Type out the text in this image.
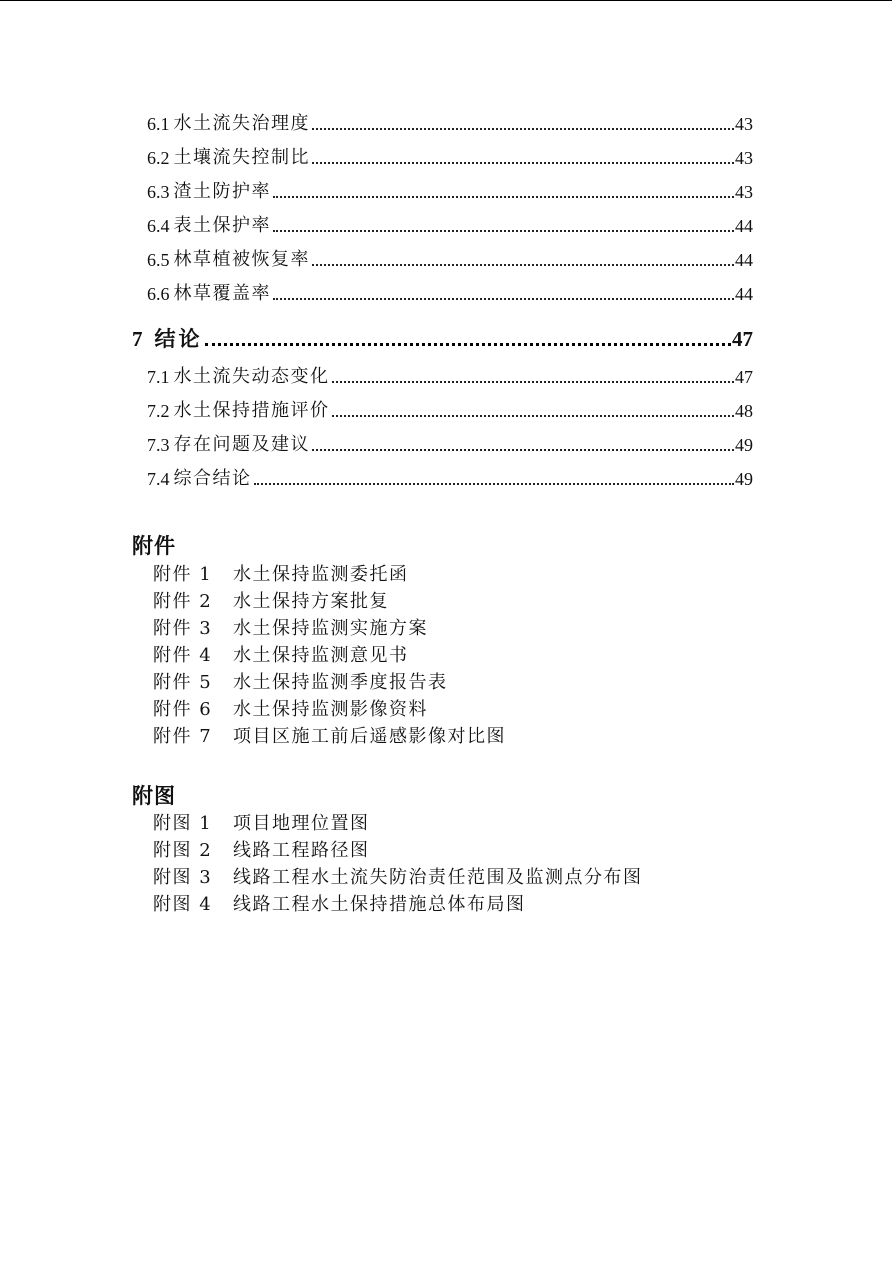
6.1 水土流失治理度	43
6.2 土壤流失控制比	43
6.3 渣土防护率	43
6.4 表土保护率	44
6.5 林草植被恢复率	44
6.6 林草覆盖率	44
7 结论	47
7.1 水土流失动态变化	47
7.2 水土保持措施评价	48
7.3 存在问题及建议	49
7.4 综合结论	49
附件
附件 1 水土保持监测委托函
附件 2 水土保持方案批复
附件 3 水土保持监测实施方案
附件 4 水土保持监测意见书
附件 5 水土保持监测季度报告表
附件 6 水土保持监测影像资料
附件 7 项目区施工前后遥感影像对比图
附图
附图 1 项目地理位置图
附图 2 线路工程路径图
附图 3 线路工程水土流失防治责任范围及监测点分布图
附图 4 线路工程水土保持措施总体布局图
